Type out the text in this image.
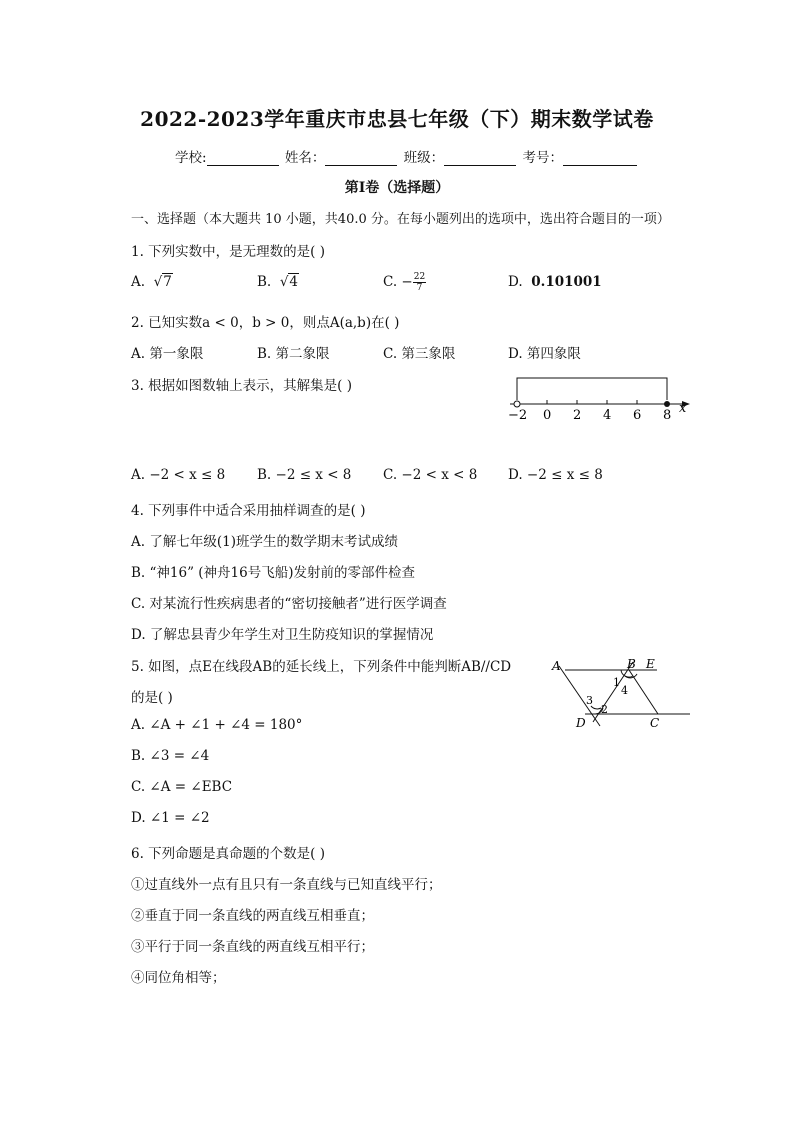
2022-2023学年重庆市忠县七年级（下）期末数学试卷
学校:	姓名：	班级：	考号：
第I卷（选择题）
一、选择题（本大题共 10 小题，共40.0 分。在每小题列出的选项中，选出符合题目的一项）
1. 下列实数中，是无理数的是( )
A. √7	B. √4	C. − $\frac{22}{7}$	D. 0.101001
2. 已知实数a < 0，b > 0，则点A(a,b)在( )
A. 第一象限	B. 第二象限	C. 第三象限	D. 第四象限
3. 根据如图数轴上表示，其解集是( )
−2 0 2 4 6 8 x
A. −2 < x ≤ 8 B. −2 ≤ x < 8 C. −2 < x < 8 D. −2 ≤ x ≤ 8
4. 下列事件中适合采用抽样调查的是( )
A. 了解七年级(1)班学生的数学期末考试成绩
B. “神16” (神舟16号飞船)发射前的零部件检查
C. 对某流行性疾病患者的“密切接触者”进行医学调查
D. 了解忠县青少年学生对卫生防疫知识的掌握情况
5. 如图，点E在线段AB的延长线上，下列条件中能判断AB//CD
的是( )
A	B E
D	C
1
4
3
2
A. ∠A + ∠1 + ∠4 = 180°
B. ∠3 = ∠4
C. ∠A = ∠EBC
D. ∠1 = ∠2
6. 下列命题是真命题的个数是( )
①过直线外一点有且只有一条直线与已知直线平行；
②垂直于同一条直线的两直线互相垂直；
③平行于同一条直线的两直线互相平行；
④同位角相等；
